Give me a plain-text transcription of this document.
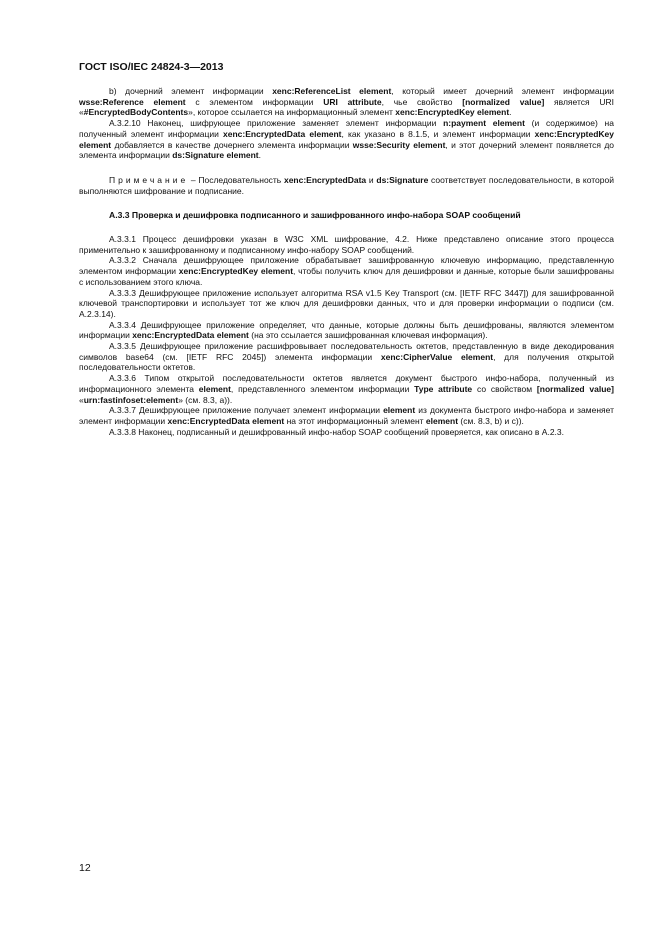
ГОСТ ISO/IEC 24824-3—2013

b) дочерний элемент информации xenc:ReferenceList element, который имеет дочерний элемент информации wsse:Reference element с элементом информации URI attribute, чье свойство [normalized value] является URI «#EncryptedBodyContents», которое ссылается на информационный элемент xenc:EncryptedKey element.

A.3.2.10 Наконец, шифрующее приложение заменяет элемент информации n:payment element (и содержимое) на полученный элемент информации xenc:EncryptedData element, как указано в 8.1.5, и элемент информации xenc:EncryptedKey element добавляется в качестве дочернего элемента информации wsse:Security element, и этот дочерний элемент появляется до элемента информации ds:Signature element.

Примечание – Последовательность xenc:EncryptedData и ds:Signature соответствует последовательности, в которой выполняются шифрование и подписание.

A.3.3 Проверка и дешифровка подписанного и зашифрованного инфо-набора SOAP сообщений

A.3.3.1 Процесс дешифровки указан в W3C XML шифрование, 4.2. Ниже представлено описание этого процесса применительно к зашифрованному и подписанному инфо-набору SOAP сообщений.

A.3.3.2 Сначала дешифрующее приложение обрабатывает зашифрованную ключевую информацию, представленную элементом информации xenc:EncryptedKey element, чтобы получить ключ для дешифровки и данные, которые были зашифрованы с использованием этого ключа.

A.3.3.3 Дешифрующее приложение использует алгоритма RSA v1.5 Key Transport (см. [IETF RFC 3447]) для зашифрованной ключевой транспортировки и использует тот же ключ для дешифровки данных, что и для проверки информации о подписи (см. A.2.3.14).

A.3.3.4 Дешифрующее приложение определяет, что данные, которые должны быть дешифрованы, являются элементом информации xenc:EncryptedData element (на это ссылается зашифрованная ключевая информация).

A.3.3.5 Дешифрующее приложение расшифровывает последовательность октетов, представленную в виде декодирования символов base64 (см. [IETF RFC 2045]) элемента информации xenc:CipherValue element, для получения открытой последовательности октетов.

A.3.3.6 Типом открытой последовательности октетов является документ быстрого инфо-набора, полученный из информационного элемента element, представленного элементом информации Type attribute со свойством [normalized value] «urn:fastinfoset:element» (см. 8.3, a)).

A.3.3.7 Дешифрующее приложение получает элемент информации element из документа быстрого инфо-набора и заменяет элемент информации xenc:EncryptedData element на этот информационный элемент element (см. 8.3, b) и c)).

A.3.3.8 Наконец, подписанный и дешифрованный инфо-набор SOAP сообщений проверяется, как описано в A.2.3.

12
